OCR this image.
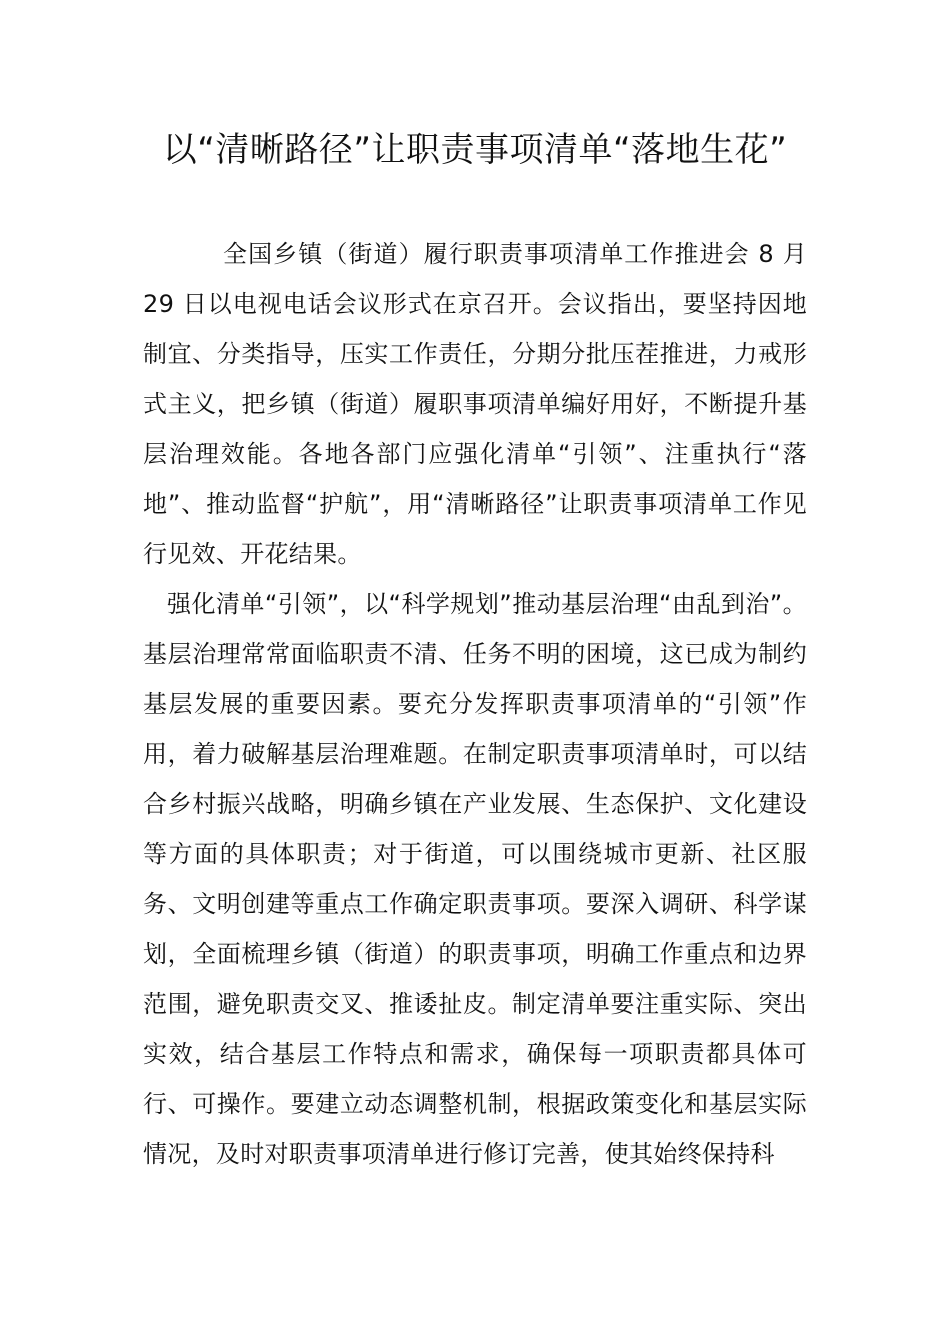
以“清晰路径”让职责事项清单“落地生花”

全国乡镇（街道）履行职责事项清单工作推进会 8 月 29 日以电视电话会议形式在京召开。会议指出，要坚持因地制宜、分类指导，压实工作责任，分期分批压茬推进，力戒形式主义，把乡镇（街道）履职事项清单编好用好，不断提升基层治理效能。各地各部门应强化清单“引领”、注重执行“落地”、推动监督“护航”，用“清晰路径”让职责事项清单工作见行见效、开花结果。

强化清单“引领”，以“科学规划”推动基层治理“由乱到治”。基层治理常常面临职责不清、任务不明的困境，这已成为制约基层发展的重要因素。要充分发挥职责事项清单的“引领”作用，着力破解基层治理难题。在制定职责事项清单时，可以结合乡村振兴战略，明确乡镇在产业发展、生态保护、文化建设等方面的具体职责；对于街道，可以围绕城市更新、社区服务、文明创建等重点工作确定职责事项。要深入调研、科学谋划，全面梳理乡镇（街道）的职责事项，明确工作重点和边界范围，避免职责交叉、推诿扯皮。制定清单要注重实际、突出实效，结合基层工作特点和需求，确保每一项职责都具体可行、可操作。要建立动态调整机制，根据政策变化和基层实际情况，及时对职责事项清单进行修订完善，使其始终保持科
